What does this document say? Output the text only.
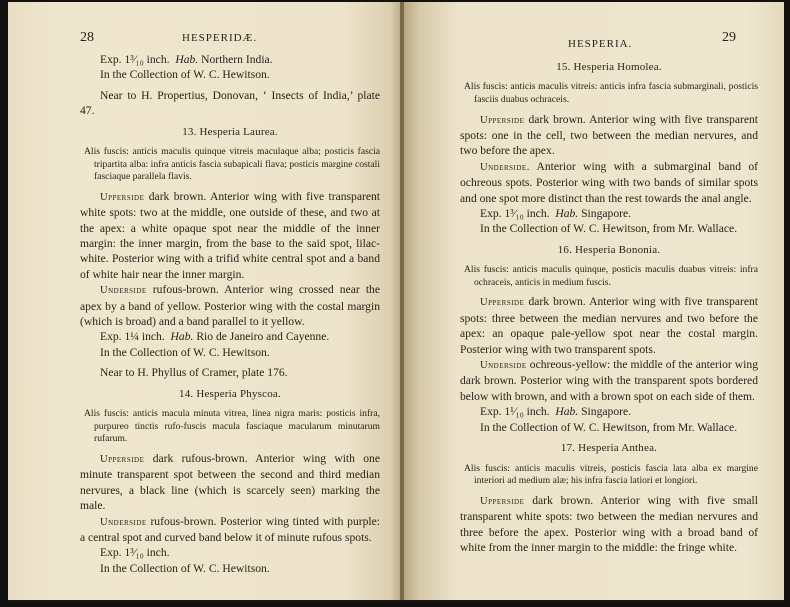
28	HESPERIDÆ.

Exp. 1³⁄₁₀ inch. Hab. Northern India.

In the Collection of W. C. Hewitson.

Near to H. Propertius, Donovan, ‘ Insects of India,’ plate 47.

13. Hesperia Laurea.

Alis fuscis: anticis maculis quinque vitreis maculaque alba; posticis fascia tripartita alba: infra anticis fascia subapicali flava; posticis margine costali fasciaque parallela flavis.

Upperside dark brown. Anterior wing with five transparent white spots: two at the middle, one outside of these, and two at the apex: a white opaque spot near the middle of the inner margin: the inner margin, from the base to the said spot, lilac-white. Posterior wing with a trifid white central spot and a band of white hair near the inner margin.

Underside rufous-brown. Anterior wing crossed near the apex by a band of yellow. Posterior wing with the costal margin (which is broad) and a band parallel to it yellow.

Exp. 1¼ inch. Hab. Rio de Janeiro and Cayenne.

In the Collection of W. C. Hewitson.

Near to H. Phyllus of Cramer, plate 176.

14. Hesperia Physcoa.

Alis fuscis: anticis macula minuta vitrea, linea nigra maris: posticis infra, purpureo tinctis rufo-fuscis macula fasciaque macularum minutarum rufarum.

Upperside dark rufous-brown. Anterior wing with one minute transparent spot between the second and third median nervures, a black line (which is scarcely seen) marking the male.

Underside rufous-brown. Posterior wing tinted with purple: a central spot and curved band below it of minute rufous spots.

Exp. 1³⁄₁₀ inch.

In the Collection of W. C. Hewitson.

HESPERIA.	29

15. Hesperia Homolea.

Alis fuscis: anticis maculis vitreis: anticis infra fascia submarginali, posticis fasciis duabus ochraceis.

Upperside dark brown. Anterior wing with five transparent spots: one in the cell, two between the median nervures, and two before the apex.

Underside. Anterior wing with a submarginal band of ochreous spots. Posterior wing with two bands of similar spots and one spot more distinct than the rest towards the anal angle.

Exp. 1³⁄₁₀ inch. Hab. Singapore.

In the Collection of W. C. Hewitson, from Mr. Wallace.

16. Hesperia Bononia.

Alis fuscis: anticis maculis quinque, posticis maculis duabus vitreis: infra ochraceis, anticis in medium fuscis.

Upperside dark brown. Anterior wing with five transparent spots: three between the median nervures and two before the apex: an opaque pale-yellow spot near the costal margin. Posterior wing with two transparent spots.

Underside ochreous-yellow: the middle of the anterior wing dark brown. Posterior wing with the transparent spots bordered below with brown, and with a brown spot on each side of them.

Exp. 1¹⁄₁₀ inch. Hab. Singapore.

In the Collection of W. C. Hewitson, from Mr. Wallace.

17. Hesperia Anthea.

Alis fuscis: anticis maculis vitreis, posticis fascia lata alba ex margine interiori ad medium alæ; his infra fascia latiori et longiori.

Upperside dark brown. Anterior wing with five small transparent white spots: two between the median nervures and three before the apex. Posterior wing with a broad band of white from the inner margin to the middle: the fringe white.
